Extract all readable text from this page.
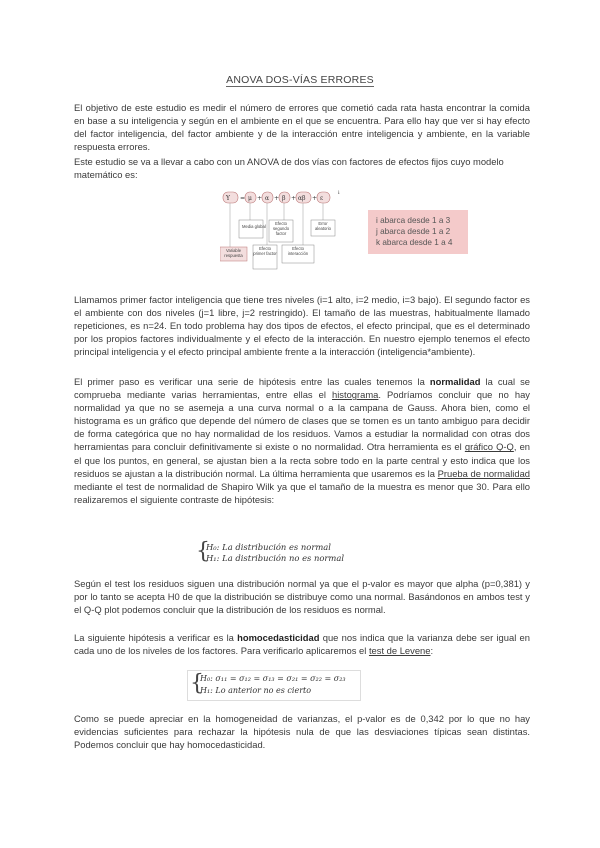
ANOVA DOS-VÍAS ERRORES

El objetivo de este estudio es medir el número de errores que cometió cada rata hasta encontrar la comida en base a su inteligencia y según en el ambiente en el que se encuentra. Para ello hay que ver si hay efecto del factor inteligencia, del factor ambiente y de la interacción entre inteligencia y ambiente, en la variable respuesta errores.

Este estudio se va a llevar a cabo con un ANOVA de dos vías con factores de efectos fijos cuyo modelo matemático es:

Y = μ + α + β + αβ + ε
i
Media global
Efecto segundo factor
Error aleatorio
Variable respuesta
Efecto primer factor
Efecto interacción
i abarca desde 1 a 3
j abarca desde 1 a 2
k abarca desde 1 a 4

Llamamos primer factor inteligencia que tiene tres niveles (i=1 alto, i=2 medio, i=3 bajo). El segundo factor es el ambiente con dos niveles (j=1 libre, j=2 restringido). El tamaño de las muestras, habitualmente llamado repeticiones, es n=24. En todo problema hay dos tipos de efectos, el efecto principal, que es el determinado por los propios factores individualmente y el efecto de la interacción. En nuestro ejemplo tenemos el efecto principal inteligencia y el efecto principal ambiente frente a la interacción (inteligencia*ambiente).

El primer paso es verificar una serie de hipótesis entre las cuales tenemos la normalidad la cual se comprueba mediante varias herramientas, entre ellas el histograma. Podríamos concluir que no hay normalidad ya que no se asemeja a una curva normal o a la campana de Gauss. Ahora bien, como el histograma es un gráfico que depende del número de clases que se tomen es un tanto ambiguo para decidir de forma categórica que no hay normalidad de los residuos. Vamos a estudiar la normalidad con otras dos herramientas para concluir definitivamente si existe o no normalidad. Otra herramienta es el gráfico Q-Q, en el que los puntos, en general, se ajustan bien a la recta sobre todo en la parte central y esto indica que los residuos se ajustan a la distribución normal. La última herramienta que usaremos es la Prueba de normalidad mediante el test de normalidad de Shapiro Wilk ya que el tamaño de la muestra es menor que 30. Para ello realizaremos el siguiente contraste de hipótesis:

{
H₀: La distribución es normal
H₁: La distribución no es normal

Según el test los residuos siguen una distribución normal ya que el p-valor es mayor que alpha (p=0,381) y por lo tanto se acepta H0 de que la distribución se distribuye como una normal. Basándonos en ambos test y el Q-Q plot podemos concluir que la distribución de los residuos es normal.

La siguiente hipótesis a verificar es la homocedasticidad que nos indica que la varianza debe ser igual en cada uno de los niveles de los factores. Para verificarlo aplicaremos el test de Levene:

{
H₀: σ₁₁ = σ₁₂ = σ₁₃ = σ₂₁ = σ₂₂ = σ₂₃
H₁: Lo anterior no es cierto

Como se puede apreciar en la homogeneidad de varianzas, el p-valor es de 0,342 por lo que no hay evidencias suficientes para rechazar la hipótesis nula de que las desviaciones típicas sean distintas. Podemos concluir que hay homocedasticidad.
